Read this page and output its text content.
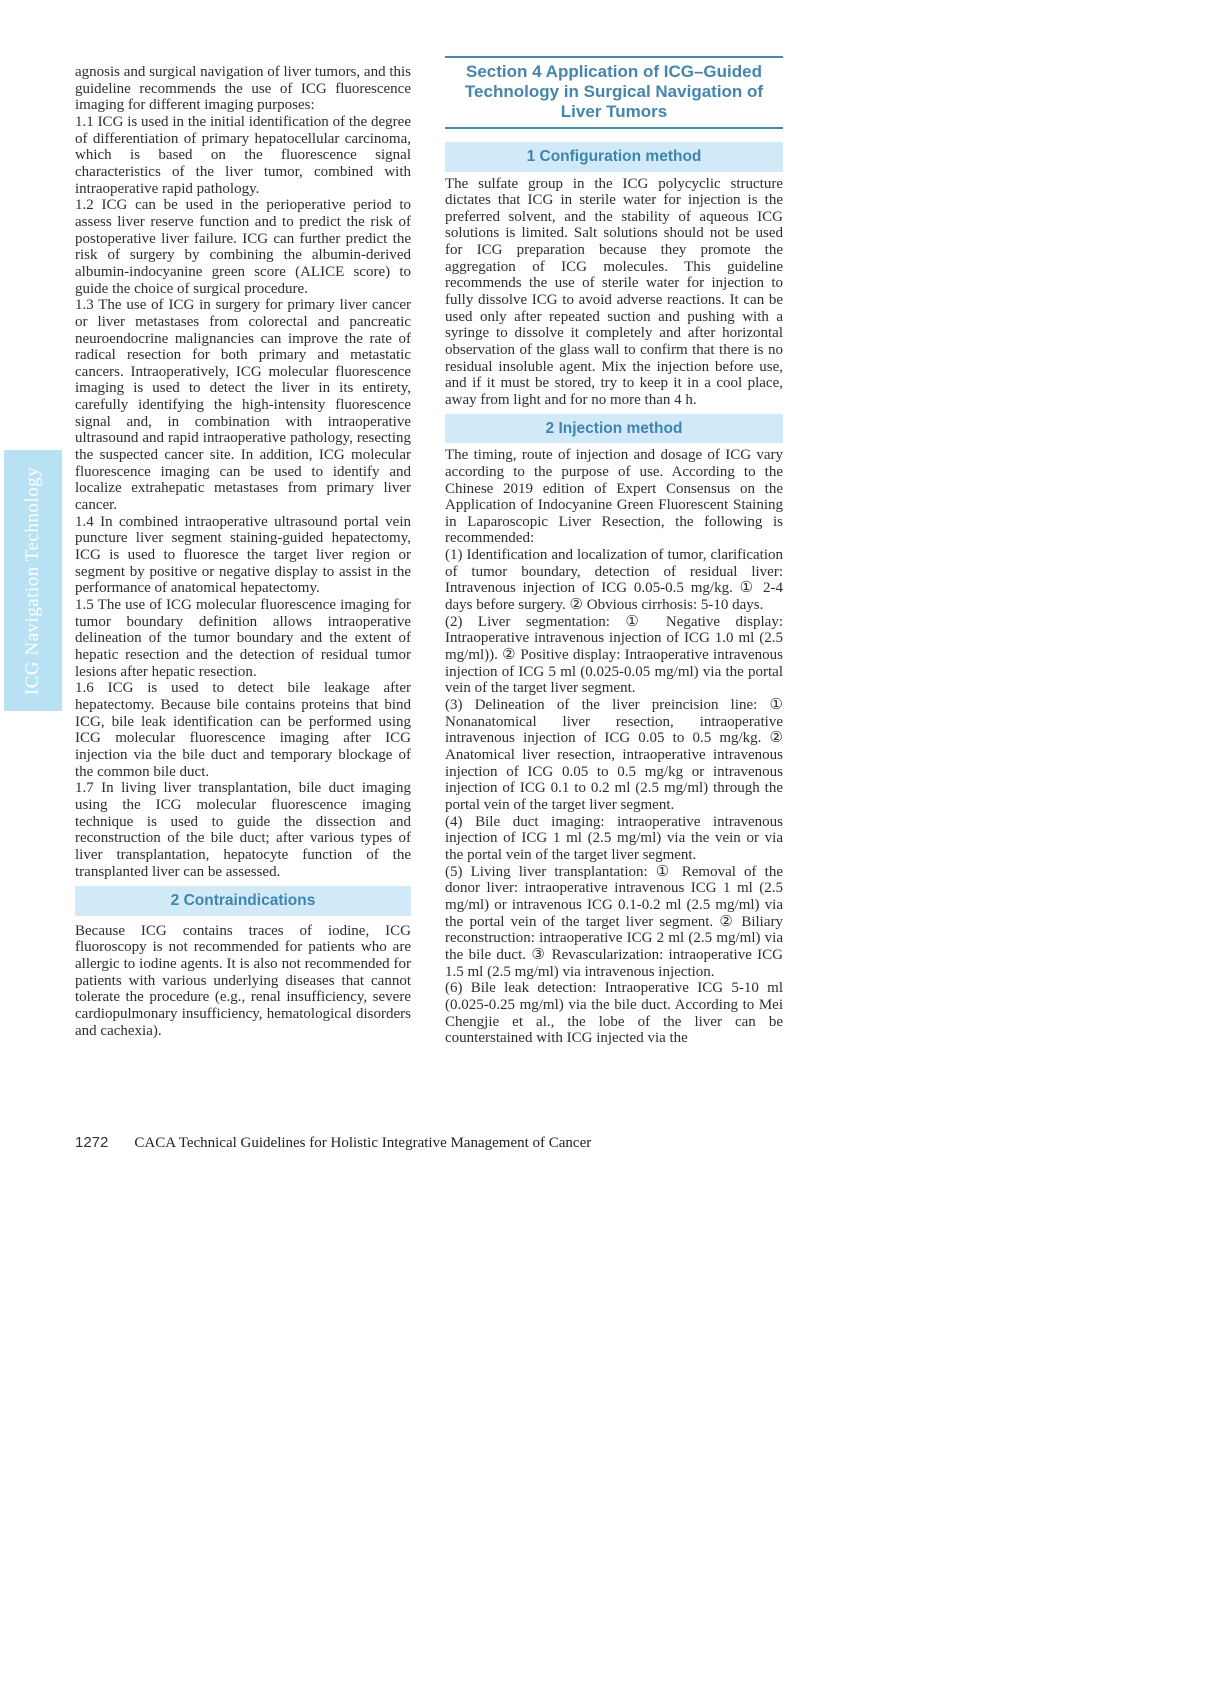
ICG Navigation Technology

agnosis and surgical navigation of liver tumors, and this guideline recommends the use of ICG fluorescence imaging for different imaging purposes:

1.1 ICG is used in the initial identification of the degree of differentiation of primary hepatocellular carcinoma, which is based on the fluorescence signal characteristics of the liver tumor, combined with intraoperative rapid pathology.

1.2 ICG can be used in the perioperative period to assess liver reserve function and to predict the risk of postoperative liver failure. ICG can further predict the risk of surgery by combining the albumin-derived albumin-indocyanine green score (ALICE score) to guide the choice of surgical procedure.

1.3 The use of ICG in surgery for primary liver cancer or liver metastases from colorectal and pancreatic neuroendocrine malignancies can improve the rate of radical resection for both primary and metastatic cancers. Intraoperatively, ICG molecular fluorescence imaging is used to detect the liver in its entirety, carefully identifying the high-intensity fluorescence signal and, in combination with intraoperative ultrasound and rapid intraoperative pathology, resecting the suspected cancer site. In addition, ICG molecular fluorescence imaging can be used to identify and localize extrahepatic metastases from primary liver cancer.

1.4 In combined intraoperative ultrasound portal vein puncture liver segment staining-guided hepatectomy, ICG is used to fluoresce the target liver region or segment by positive or negative display to assist in the performance of anatomical hepatectomy.

1.5 The use of ICG molecular fluorescence imaging for tumor boundary definition allows intraoperative delineation of the tumor boundary and the extent of hepatic resection and the detection of residual tumor lesions after hepatic resection.

1.6 ICG is used to detect bile leakage after hepatectomy. Because bile contains proteins that bind ICG, bile leak identification can be performed using ICG molecular fluorescence imaging after ICG injection via the bile duct and temporary blockage of the common bile duct.

1.7 In living liver transplantation, bile duct imaging using the ICG molecular fluorescence imaging technique is used to guide the dissection and reconstruction of the bile duct; after various types of liver transplantation, hepatocyte function of the transplanted liver can be assessed.

2 Contraindications

Because ICG contains traces of iodine, ICG fluoroscopy is not recommended for patients who are allergic to iodine agents. It is also not recommended for patients with various underlying diseases that cannot tolerate the procedure (e.g., renal insufficiency, severe cardiopulmonary insufficiency, hematological disorders and cachexia).

Section 4 Application of ICG–Guided Technology in Surgical Navigation of Liver Tumors
1 Configuration method

The sulfate group in the ICG polycyclic structure dictates that ICG in sterile water for injection is the preferred solvent, and the stability of aqueous ICG solutions is limited. Salt solutions should not be used for ICG preparation because they promote the aggregation of ICG molecules. This guideline recommends the use of sterile water for injection to fully dissolve ICG to avoid adverse reactions. It can be used only after repeated suction and pushing with a syringe to dissolve it completely and after horizontal observation of the glass wall to confirm that there is no residual insoluble agent. Mix the injection before use, and if it must be stored, try to keep it in a cool place, away from light and for no more than 4 h.

2 Injection method

The timing, route of injection and dosage of ICG vary according to the purpose of use. According to the Chinese 2019 edition of Expert Consensus on the Application of Indocyanine Green Fluorescent Staining in Laparoscopic Liver Resection, the following is recommended:

(1) Identification and localization of tumor, clarification of tumor boundary, detection of residual liver: Intravenous injection of ICG 0.05-0.5 mg/kg. ① 2-4 days before surgery. ② Obvious cirrhosis: 5-10 days.

(2) Liver segmentation: ① Negative display: Intraoperative intravenous injection of ICG 1.0 ml (2.5 mg/ml)). ② Positive display: Intraoperative intravenous injection of ICG 5 ml (0.025-0.05 mg/ml) via the portal vein of the target liver segment.

(3) Delineation of the liver preincision line: ① Nonanatomical liver resection, intraoperative intravenous injection of ICG 0.05 to 0.5 mg/kg. ② Anatomical liver resection, intraoperative intravenous injection of ICG 0.05 to 0.5 mg/kg or intravenous injection of ICG 0.1 to 0.2 ml (2.5 mg/ml) through the portal vein of the target liver segment.

(4) Bile duct imaging: intraoperative intravenous injection of ICG 1 ml (2.5 mg/ml) via the vein or via the portal vein of the target liver segment.

(5) Living liver transplantation: ① Removal of the donor liver: intraoperative intravenous ICG 1 ml (2.5 mg/ml) or intravenous ICG 0.1-0.2 ml (2.5 mg/ml) via the portal vein of the target liver segment. ② Biliary reconstruction: intraoperative ICG 2 ml (2.5 mg/ml) via the bile duct. ③ Revascularization: intraoperative ICG 1.5 ml (2.5 mg/ml) via intravenous injection.

(6) Bile leak detection: Intraoperative ICG 5-10 ml (0.025-0.25 mg/ml) via the bile duct. According to Mei Chengjie et al., the lobe of the liver can be counterstained with ICG injected via the

1272 CACA Technical Guidelines for Holistic Integrative Management of Cancer
